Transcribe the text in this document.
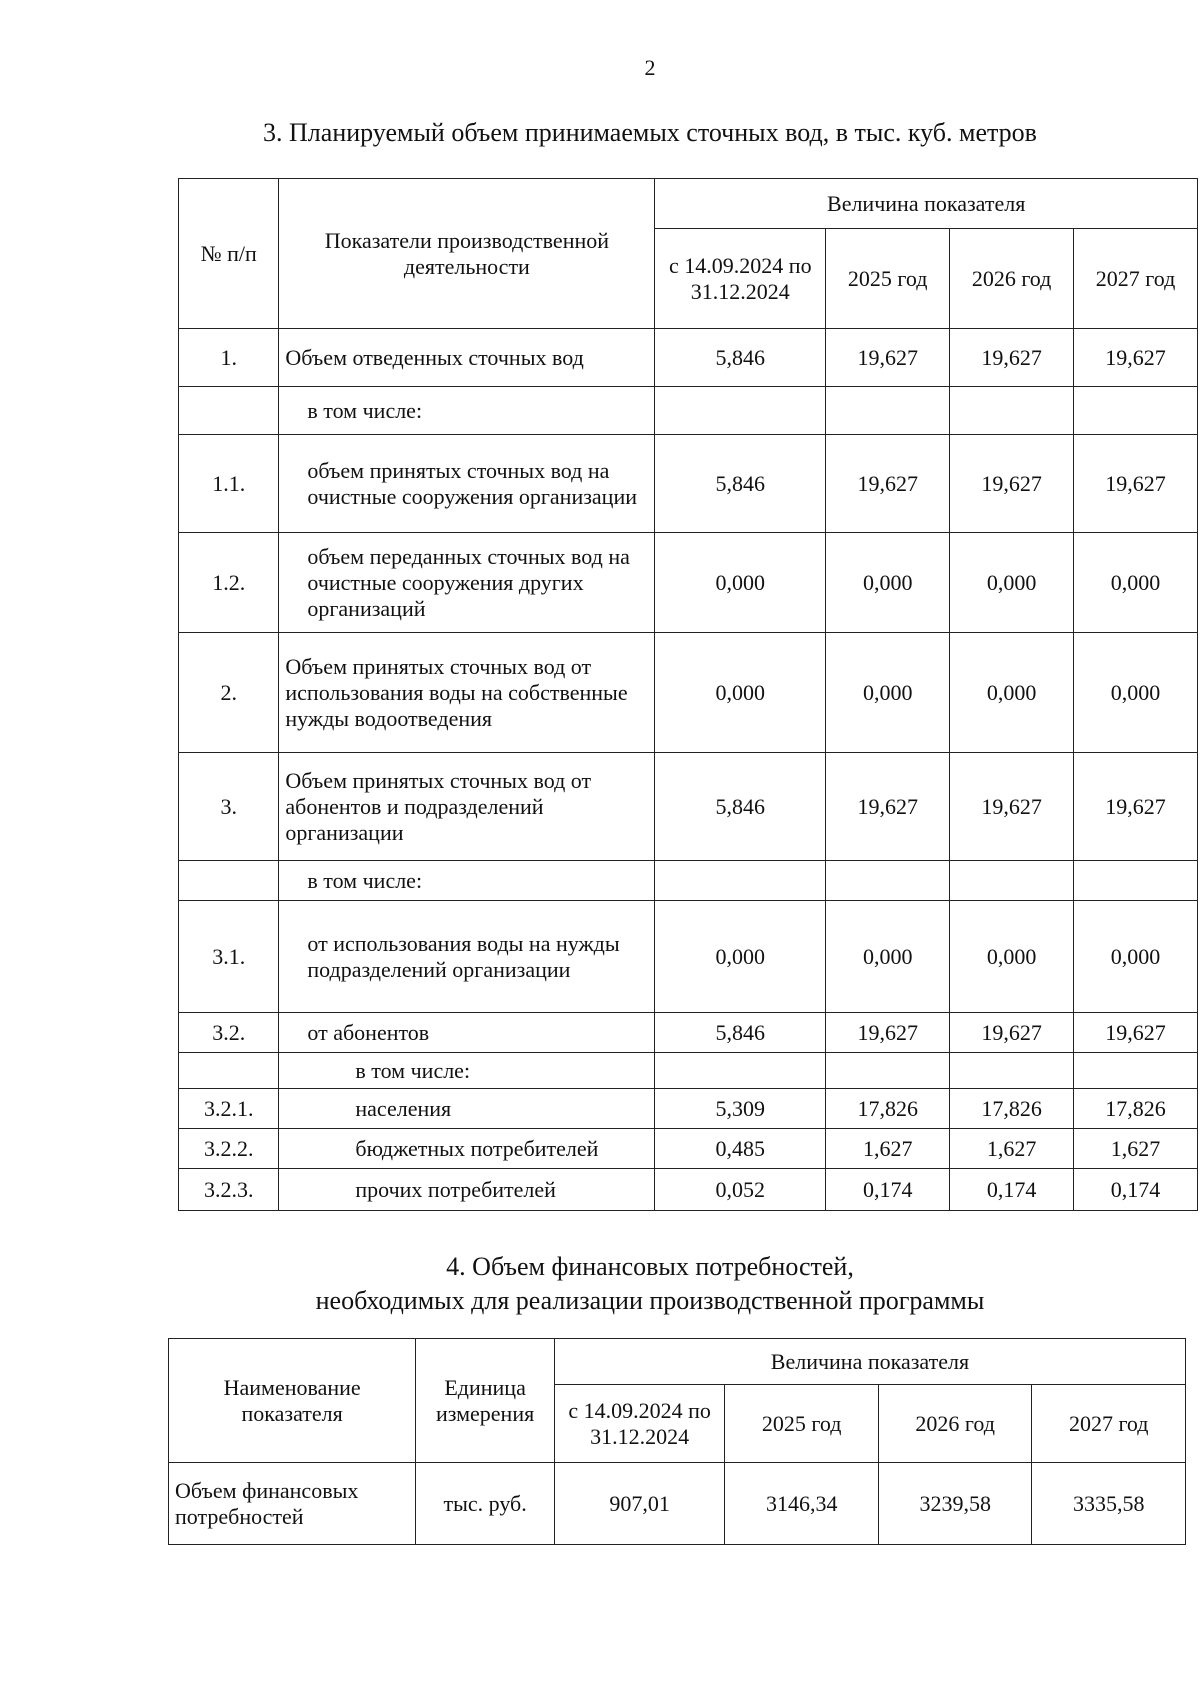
2
3. Планируемый объем принимаемых сточных вод, в тыс. куб. метров
№ п/п	Показатели производственной деятельности	Величина показателя			
		с 14.09.2024 по 31.12.2024	2025 год	2026 год	2027 год
1.	Объем отведенных сточных вод	5,846	19,627	19,627	19,627
	в том числе:				
1.1.	объем принятых сточных вод на очистные сооружения организации	5,846	19,627	19,627	19,627
1.2.	объем переданных сточных вод на очистные сооружения других организаций	0,000	0,000	0,000	0,000
2.	Объем принятых сточных вод от использования воды на собственные нужды водоотведения	0,000	0,000	0,000	0,000
3.	Объем принятых сточных вод от абонентов и подразделений организации	5,846	19,627	19,627	19,627
	в том числе:				
3.1.	от использования воды на нужды подразделений организации	0,000	0,000	0,000	0,000
3.2.	от абонентов	5,846	19,627	19,627	19,627
	в том числе:				
3.2.1.	населения	5,309	17,826	17,826	17,826
3.2.2.	бюджетных потребителей	0,485	1,627	1,627	1,627
3.2.3.	прочих потребителей	0,052	0,174	0,174	0,174
4. Объем финансовых потребностей,
необходимых для реализации производственной программы
Наименование показателя	Единица измерения	Величина показателя			
		с 14.09.2024 по 31.12.2024	2025 год	2026 год	2027 год
Объем финансовых потребностей	тыс. руб.	907,01	3146,34	3239,58	3335,58
